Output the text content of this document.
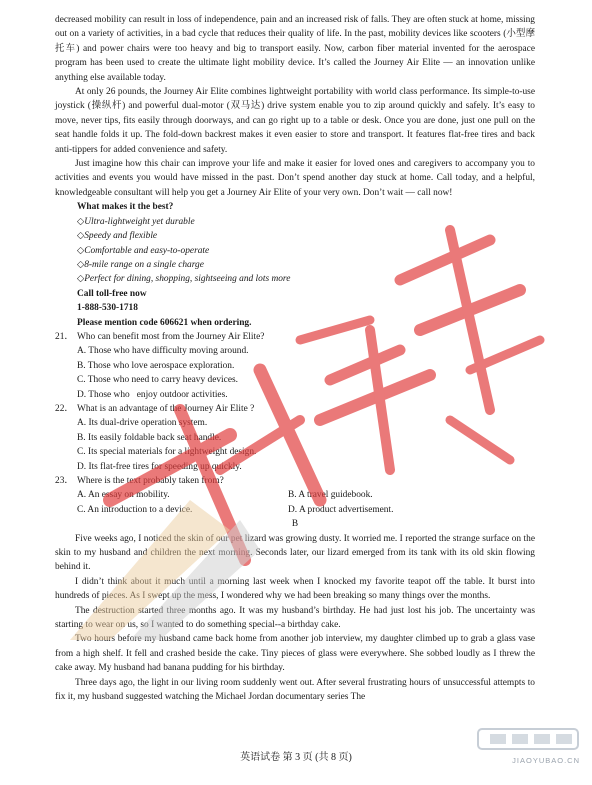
decreased mobility can result in loss of independence, pain and an increased risk of falls. They are often stuck at home, missing out on a variety of activities, in a bad cycle that reduces their quality of life. In the past, mobility devices like scooters (小型摩托车) and power chairs were too heavy and big to transport easily. Now, carbon fiber material invented for the aerospace program has been used to create the ultimate light mobility device. It’s called the Journey Air Elite — an innovation unlike anything else available today.

At only 26 pounds, the Journey Air Elite combines lightweight portability with world class performance. Its simple-to-use joystick (操纵杆) and powerful dual-motor (双马达) drive system enable you to zip around quickly and safely. It’s easy to move, never tips, fits easily through doorways, and can go right up to a table or desk. Once you are done, just one pull on the seat handle folds it up. The fold-down backrest makes it even easier to store and transport. It features flat-free tires and back anti-tippers for added convenience and safety.

Just imagine how this chair can improve your life and make it easier for loved ones and caregivers to accompany you to activities and events you would have missed in the past. Don’t spend another day stuck at home. Call today, and a helpful, knowledgeable consultant will help you get a Journey Air Elite of your very own. Don’t wait — call now!

What makes it the best?

◇Ultra-lightweight yet durable

◇Speedy and flexible

◇Comfortable and easy-to-operate

◇8-mile range on a single charge

◇Perfect for dining, shopping, sightseeing and lots more

Call toll-free now

1-888-530-1718

Please mention code 606621 when ordering.

21． Who can benefit most from the Journey Air Elite?

A. Those who have difficulty moving around.

B. Those who love aerospace exploration.

C. Those who need to carry heavy devices.

D. Those who   enjoy outdoor activities.

22． What is an advantage of the Journey Air Elite ?

A. Its dual-drive operation system.

B. Its easily foldable back seat handle.

C. Its special materials for a lightweight design.

D. Its flat-free tires for speeding up quickly.

23． Where is the text probably taken from?

A. An essay on mobility.	B. A travel guidebook.
C. An introduction to a device.	D. A product advertisement.

B

Five weeks ago, I noticed the skin of our pet lizard was growing dusty. It worried me. I reported the strange surface on the skin to my husband and children the next morning. Seconds later, our lizard emerged from its tank with its old skin flowing behind it.

I didn’t think about it much until a morning last week when I knocked my favorite teapot off the table. It burst into hundreds of pieces. As I swept up the mess, I wondered why we had been breaking so many things over the months.

The destruction started three months ago. It was my husband’s birthday. He had just lost his job. The uncertainty was starting to wear on us, so I wanted to do something special--a birthday cake.

Two hours before my husband came back home from another job interview, my daughter climbed up to grab a glass vase from a high shelf. It fell and crashed beside the cake. Tiny pieces of glass were everywhere. She sobbed loudly as I threw the cake away. My husband had banana pudding for his birthday.

Three days ago, the light in our living room suddenly went out. After several frustrating hours of unsuccessful attempts to fix it, my husband suggested watching the Michael Jordan documentary series The

JIAOYUBAO.CN
英语试卷 第 3 页 (共 8 页)
